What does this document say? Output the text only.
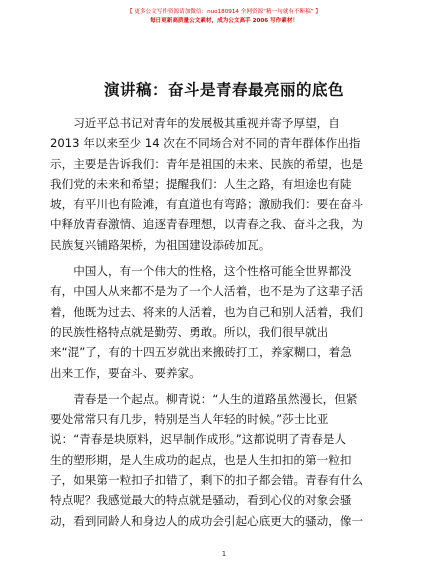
【 更多公文写作资源请加微信：nuo180914 全网资源“精一句就有不断稿” 】
每日更新高质量公文素材，成为公文高手 2006 写作素材！
演讲稿：奋斗是青春最亮丽的底色

习近平总书记对青年的发展极其重视并寄予厚望，自
2013 年以来至少 14 次在不同场合对不同的青年群体作出指
示，主要是告诉我们：青年是祖国的未来、民族的希望，也是
我们党的未来和希望；提醒我们：人生之路，有坦途也有陡
坡，有平川也有险滩，有直道也有弯路；激励我们：要在奋斗
中释放青春激情、追逐青春理想，以青春之我、奋斗之我，为
民族复兴铺路架桥，为祖国建设添砖加瓦。

中国人，有一个伟大的性格，这个性格可能全世界都没
有，中国人从来都不是为了一个人活着，也不是为了这辈子活
着，他既为过去、将来的人活着，也为自己和别人活着，我们
的民族性格特点就是勤劳、勇敢。所以，我们很早就出
来“混”了，有的十四五岁就出来搬砖打工，养家糊口，着急
出来工作，要奋斗、要养家。

青春是一个起点。柳青说：“人生的道路虽然漫长，但紧
要处常常只有几步，特别是当人年轻的时候。”莎士比亚
说：“青春是块原料，迟早制作成形。”这都说明了青春是人
生的塑形期，是人生成功的起点，也是人生扣扣的第一粒扣
子，如果第一粒扣子扣错了，剩下的扣子都会错。青春有什么
特点呢？我感觉最大的特点就是骚动，看到心仪的对象会骚
动，看到同龄人和身边人的成功会引起心底更大的骚动，像一

1
